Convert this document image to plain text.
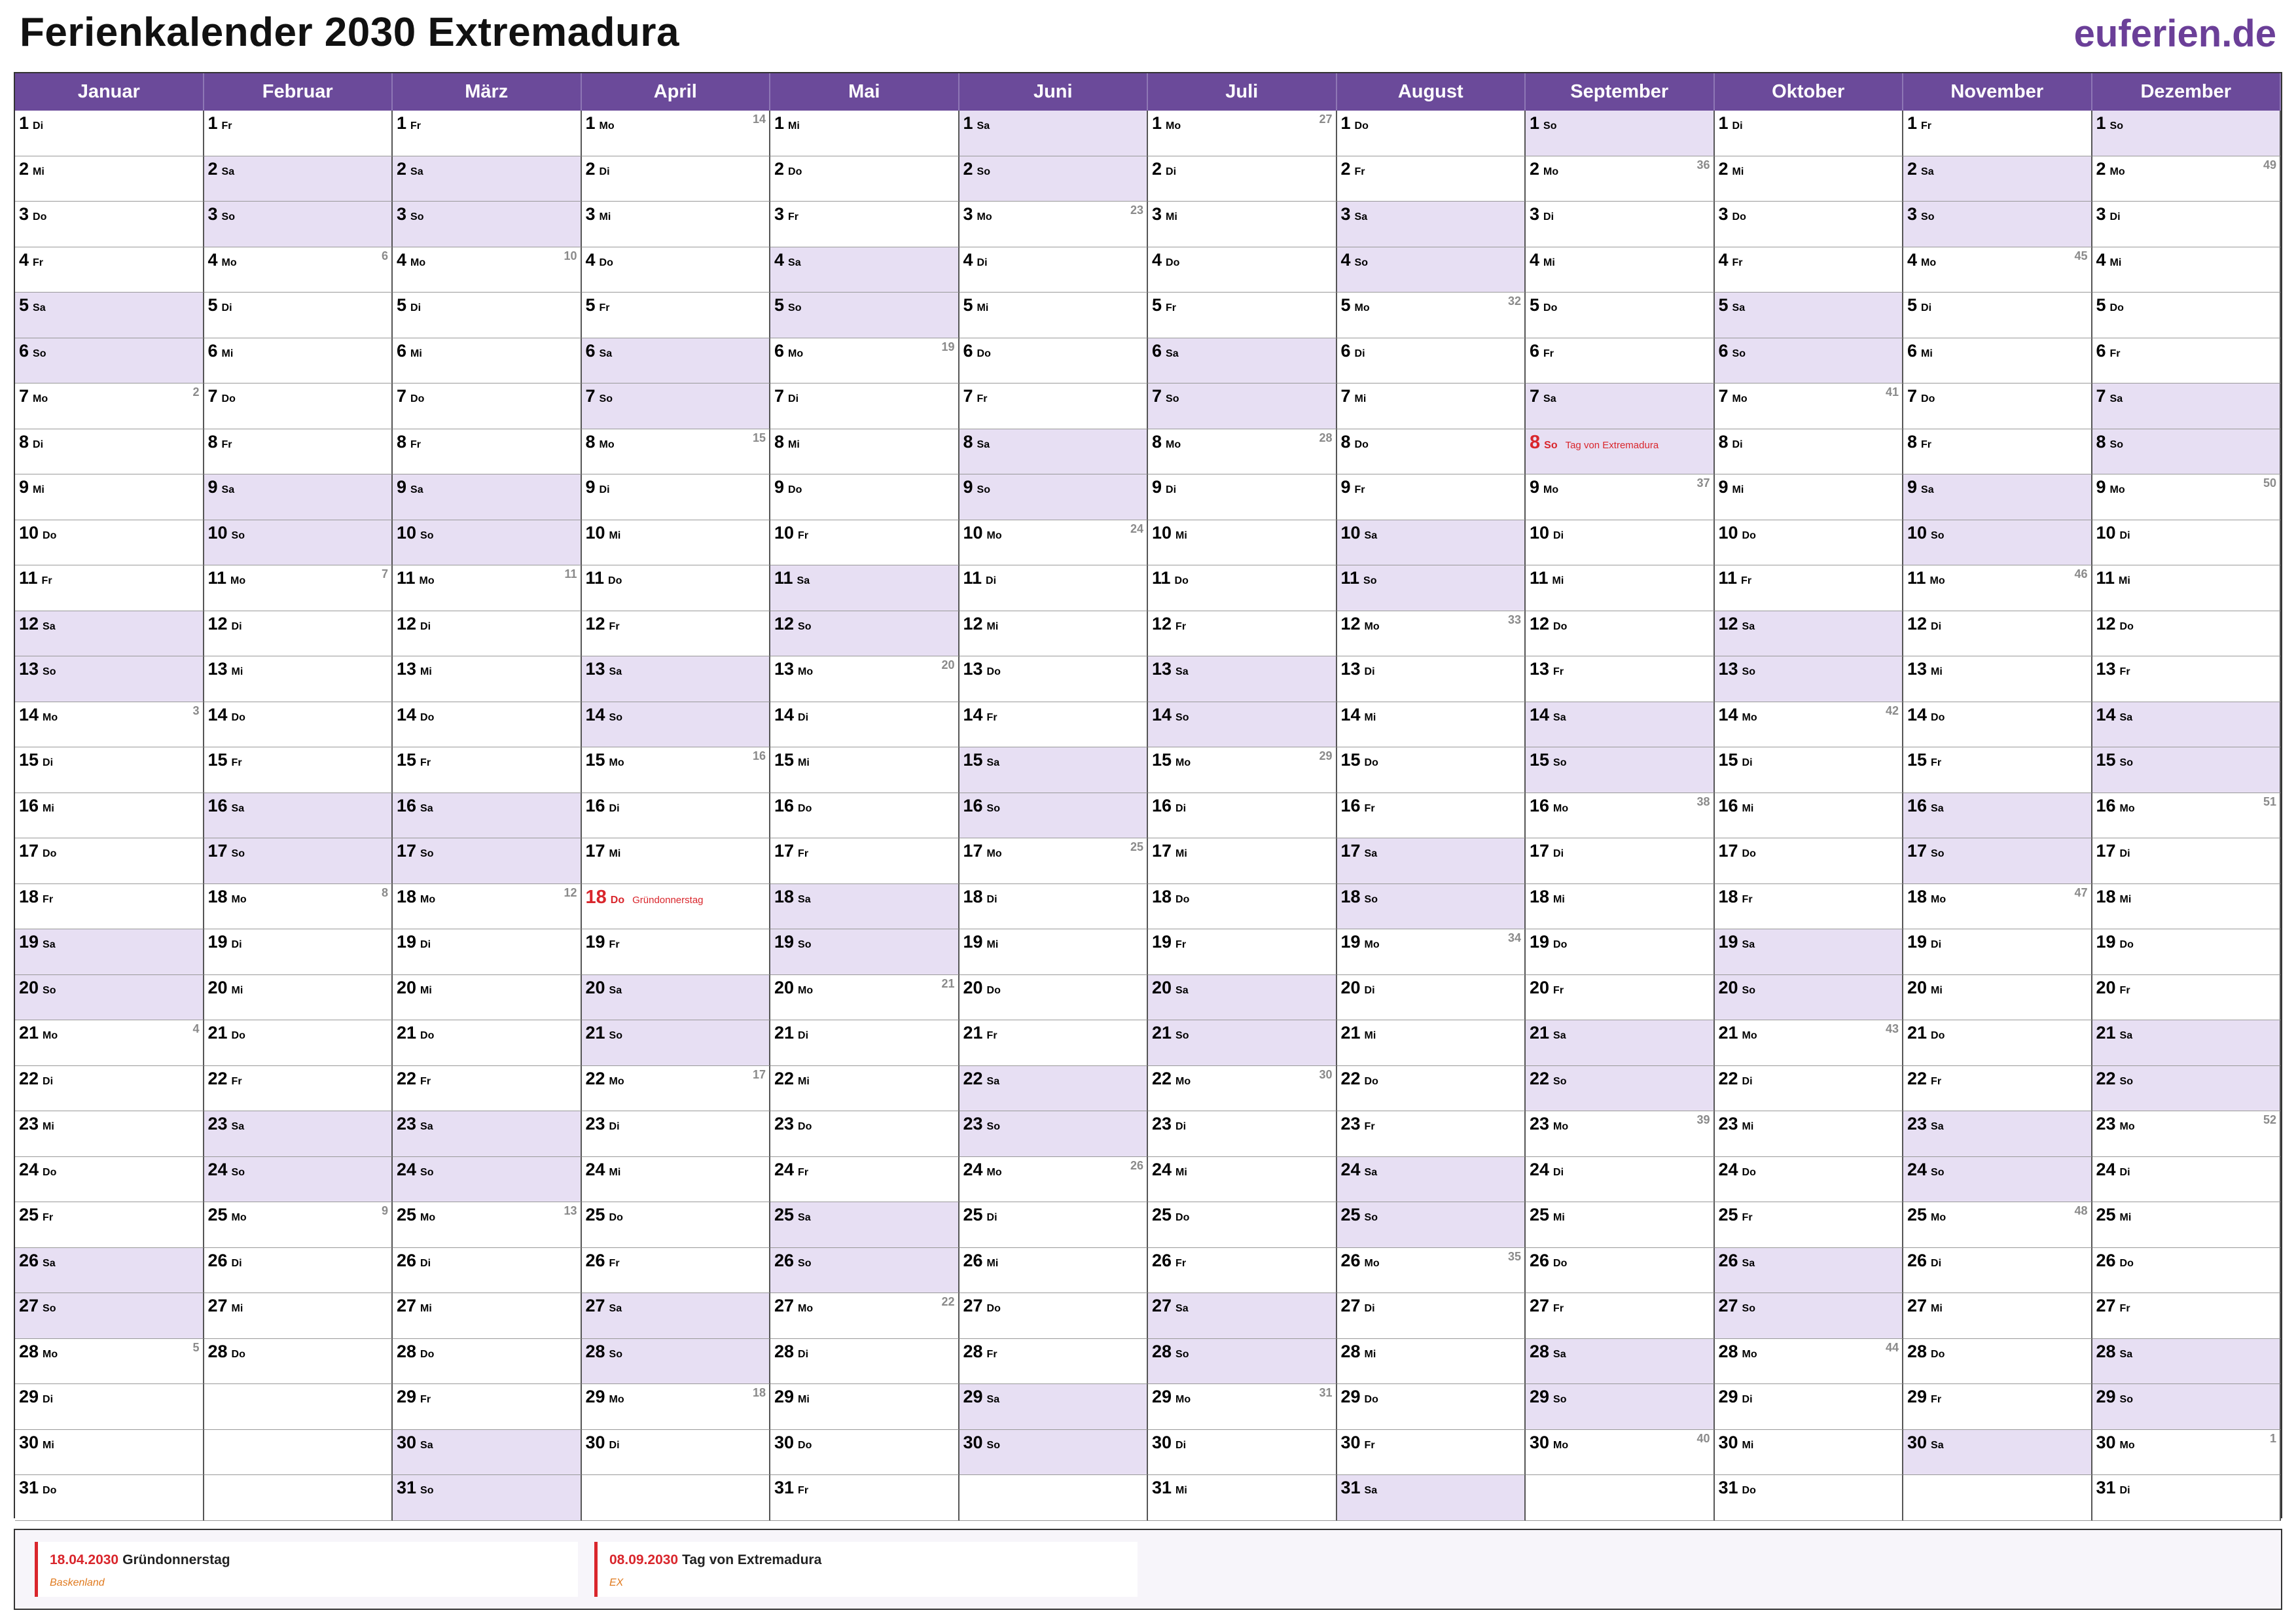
Ferienkalender 2030 Extremadura	euferien.de
Januar
1 Di
2 Mi
3 Do
4 Fr
5 Sa
6 So
7 Mo
2
8 Di
9 Mi
10 Do
11 Fr
12 Sa
13 So
14 Mo
3
15 Di
16 Mi
17 Do
18 Fr
19 Sa
20 So
21 Mo
4
22 Di
23 Mi
24 Do
25 Fr
26 Sa
27 So
28 Mo
5
29 Di
30 Mi
31 Do
Februar
1 Fr
2 Sa
3 So
4 Mo
6
5 Di
6 Mi
7 Do
8 Fr
9 Sa
10 So
11 Mo
7
12 Di
13 Mi
14 Do
15 Fr
16 Sa
17 So
18 Mo
8
19 Di
20 Mi
21 Do
22 Fr
23 Sa
24 So
25 Mo
9
26 Di
27 Mi
28 Do
März
1 Fr
2 Sa
3 So
4 Mo
10
5 Di
6 Mi
7 Do
8 Fr
9 Sa
10 So
11 Mo
11
12 Di
13 Mi
14 Do
15 Fr
16 Sa
17 So
18 Mo
12
19 Di
20 Mi
21 Do
22 Fr
23 Sa
24 So
25 Mo
13
26 Di
27 Mi
28 Do
29 Fr
30 Sa
31 So
April
1 Mo
14
2 Di
3 Mi
4 Do
5 Fr
6 Sa
7 So
8 Mo
15
9 Di
10 Mi
11 Do
12 Fr
13 Sa
14 So
15 Mo
16
16 Di
17 Mi
18 Do Gründonnerstag
19 Fr
20 Sa
21 So
22 Mo
17
23 Di
24 Mi
25 Do
26 Fr
27 Sa
28 So
29 Mo
18
30 Di
Mai
1 Mi
2 Do
3 Fr
4 Sa
5 So
6 Mo
19
7 Di
8 Mi
9 Do
10 Fr
11 Sa
12 So
13 Mo
20
14 Di
15 Mi
16 Do
17 Fr
18 Sa
19 So
20 Mo
21
21 Di
22 Mi
23 Do
24 Fr
25 Sa
26 So
27 Mo
22
28 Di
29 Mi
30 Do
31 Fr
Juni
1 Sa
2 So
3 Mo
23
4 Di
5 Mi
6 Do
7 Fr
8 Sa
9 So
10 Mo
24
11 Di
12 Mi
13 Do
14 Fr
15 Sa
16 So
17 Mo
25
18 Di
19 Mi
20 Do
21 Fr
22 Sa
23 So
24 Mo
26
25 Di
26 Mi
27 Do
28 Fr
29 Sa
30 So
Juli
1 Mo
27
2 Di
3 Mi
4 Do
5 Fr
6 Sa
7 So
8 Mo
28
9 Di
10 Mi
11 Do
12 Fr
13 Sa
14 So
15 Mo
29
16 Di
17 Mi
18 Do
19 Fr
20 Sa
21 So
22 Mo
30
23 Di
24 Mi
25 Do
26 Fr
27 Sa
28 So
29 Mo
31
30 Di
31 Mi
August
1 Do
2 Fr
3 Sa
4 So
5 Mo
32
6 Di
7 Mi
8 Do
9 Fr
10 Sa
11 So
12 Mo
33
13 Di
14 Mi
15 Do
16 Fr
17 Sa
18 So
19 Mo
34
20 Di
21 Mi
22 Do
23 Fr
24 Sa
25 So
26 Mo
35
27 Di
28 Mi
29 Do
30 Fr
31 Sa
September
1 So
2 Mo
36
3 Di
4 Mi
5 Do
6 Fr
7 Sa
8 So Tag von Extremadura
9 Mo
37
10 Di
11 Mi
12 Do
13 Fr
14 Sa
15 So
16 Mo
38
17 Di
18 Mi
19 Do
20 Fr
21 Sa
22 So
23 Mo
39
24 Di
25 Mi
26 Do
27 Fr
28 Sa
29 So
30 Mo
40
Oktober
1 Di
2 Mi
3 Do
4 Fr
5 Sa
6 So
7 Mo
41
8 Di
9 Mi
10 Do
11 Fr
12 Sa
13 So
14 Mo
42
15 Di
16 Mi
17 Do
18 Fr
19 Sa
20 So
21 Mo
43
22 Di
23 Mi
24 Do
25 Fr
26 Sa
27 So
28 Mo
44
29 Di
30 Mi
31 Do
November
1 Fr
2 Sa
3 So
4 Mo
45
5 Di
6 Mi
7 Do
8 Fr
9 Sa
10 So
11 Mo
46
12 Di
13 Mi
14 Do
15 Fr
16 Sa
17 So
18 Mo
47
19 Di
20 Mi
21 Do
22 Fr
23 Sa
24 So
25 Mo
48
26 Di
27 Mi
28 Do
29 Fr
30 Sa
Dezember
1 So
2 Mo
49
3 Di
4 Mi
5 Do
6 Fr
7 Sa
8 So
9 Mo
50
10 Di
11 Mi
12 Do
13 Fr
14 Sa
15 So
16 Mo
51
17 Di
18 Mi
19 Do
20 Fr
21 Sa
22 So
23 Mo
52
24 Di
25 Mi
26 Do
27 Fr
28 Sa
29 So
30 Mo
1
31 Di
18.04.2030 Gründonnerstag
Baskenland
08.09.2030 Tag von Extremadura
EX
